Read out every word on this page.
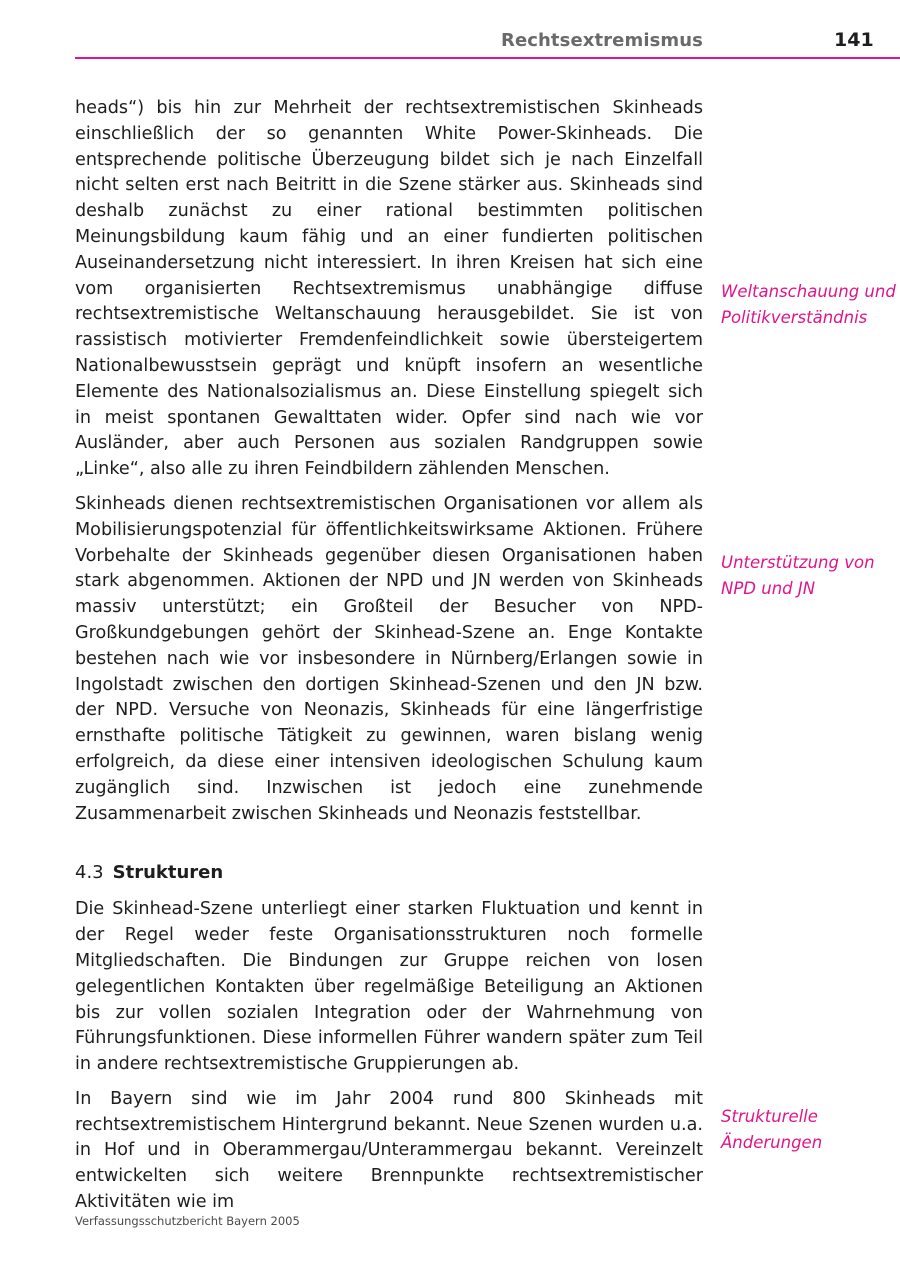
Rechtsextremismus	141

heads“) bis hin zur Mehrheit der rechtsextremistischen Skinheads einschließlich der so genannten White Power-Skinheads. Die entsprechende politische Überzeugung bildet sich je nach Einzelfall nicht selten erst nach Beitritt in die Szene stärker aus. Skinheads sind deshalb zunächst zu einer rational bestimmten politischen Meinungsbildung kaum fähig und an einer fundierten politischen Auseinandersetzung nicht interessiert. In ihren Kreisen hat sich eine vom organisierten Rechtsextremismus unabhängige diffuse rechtsextremistische Weltanschauung herausgebildet. Sie ist von rassistisch motivierter Fremdenfeindlichkeit sowie übersteigertem Nationalbewusstsein geprägt und knüpft insofern an wesentliche Elemente des Nationalsozialismus an. Diese Einstellung spiegelt sich in meist spontanen Gewalttaten wider. Opfer sind nach wie vor Ausländer, aber auch Personen aus sozialen Randgruppen sowie „Linke“, also alle zu ihren Feindbildern zählenden Menschen.

Skinheads dienen rechtsextremistischen Organisationen vor allem als Mobilisierungspotenzial für öffentlichkeitswirksame Aktionen. Frühere Vorbehalte der Skinheads gegenüber diesen Organisationen haben stark abgenommen. Aktionen der NPD und JN werden von Skinheads massiv unterstützt; ein Großteil der Besucher von NPD-Großkundgebungen gehört der Skinhead-Szene an. Enge Kontakte bestehen nach wie vor insbesondere in Nürnberg/Erlangen sowie in Ingolstadt zwischen den dortigen Skinhead-Szenen und den JN bzw. der NPD. Versuche von Neonazis, Skinheads für eine längerfristige ernsthafte politische Tätigkeit zu gewinnen, waren bislang wenig erfolgreich, da diese einer intensiven ideologischen Schulung kaum zugänglich sind. Inzwischen ist jedoch eine zunehmende Zusammenarbeit zwischen Skinheads und Neonazis feststellbar.

4.3 Strukturen

Die Skinhead-Szene unterliegt einer starken Fluktuation und kennt in der Regel weder feste Organisationsstrukturen noch formelle Mitgliedschaften. Die Bindungen zur Gruppe reichen von losen gelegentlichen Kontakten über regelmäßige Beteiligung an Aktionen bis zur vollen sozialen Integration oder der Wahrnehmung von Führungsfunktionen. Diese informellen Führer wandern später zum Teil in andere rechtsextremistische Gruppierungen ab.

In Bayern sind wie im Jahr 2004 rund 800 Skinheads mit rechtsextremistischem Hintergrund bekannt. Neue Szenen wurden u.a. in Hof und in Oberammergau/Unterammergau bekannt. Vereinzelt entwickelten sich weitere Brennpunkte rechtsextremistischer Aktivitäten wie im

Weltanschauung und Politikverständnis
Unterstützung von NPD und JN
Strukturelle Änderungen
Verfassungsschutzbericht Bayern 2005
